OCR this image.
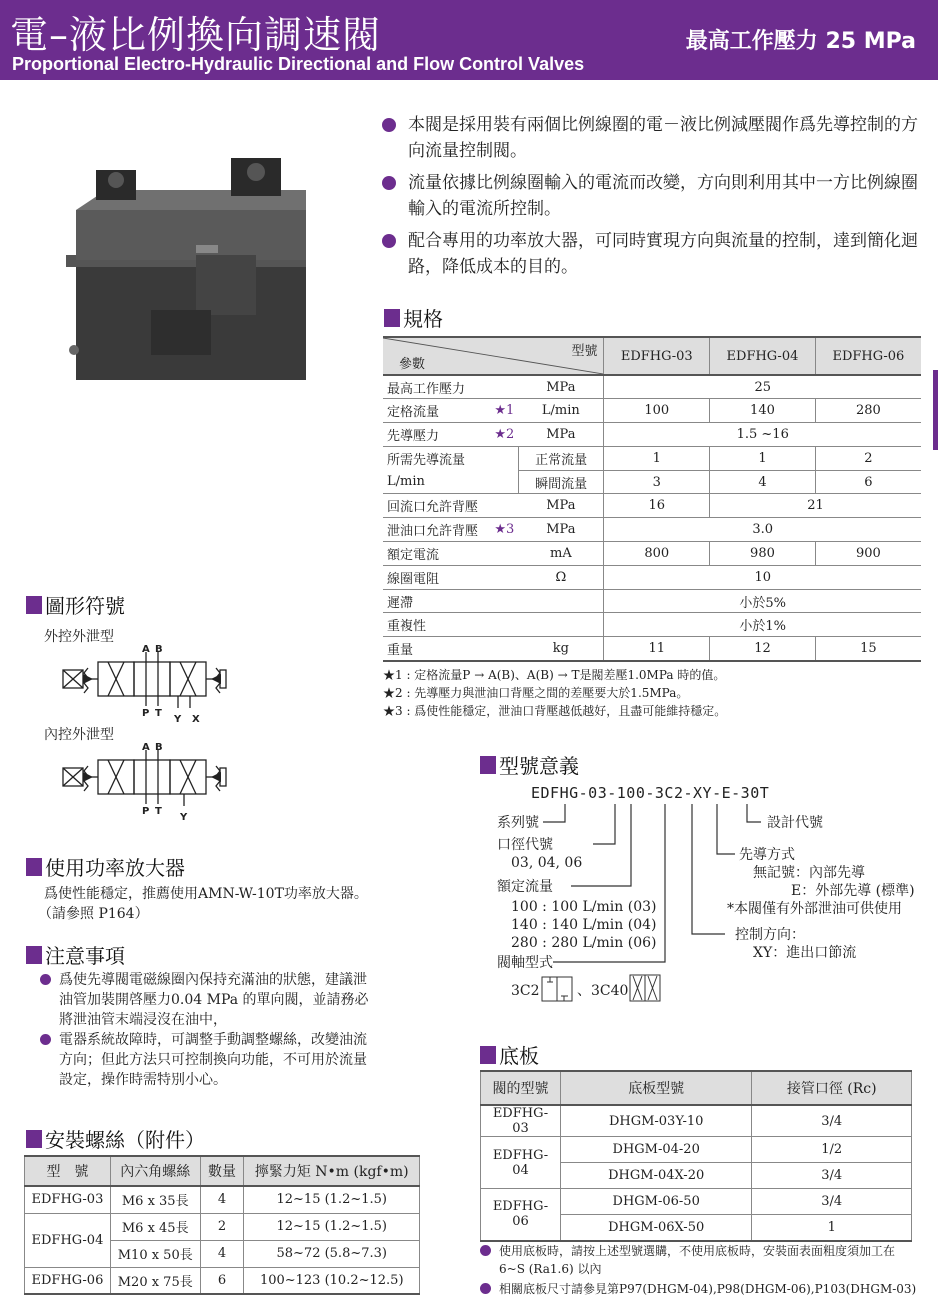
電–液比例換向調速閥
Proportional Electro-Hydraulic Directional and Flow Control Valves
最高工作壓力 25 MPa
本閥是採用裝有兩個比例線圈的電－液比例減壓閥作爲先導控制的方向流量控制閥。
流量依據比例線圈輸入的電流而改變，方向則利用其中一方比例線圈輸入的電流所控制。
配合專用的功率放大器，可同時實現方向與流量的控制，達到簡化迴路，降低成本的目的。
規格
型號
參數			EDFHG-03	EDFHG-04	EDFHG-06
最高工作壓力		MPa	25		
定格流量	★1	L/min	100	140	280
先導壓力	★2	MPa	1.5 ~16		
所需先導流量		正常流量	1	1	2
L/min		瞬間流量	3	4	6
回流口允許背壓		MPa	16	21	
泄油口允許背壓	★3	MPa	3.0		
額定電流		mA	800	980	900
線圈電阻		Ω	10		
遲滯			小於5%		
重複性			小於1%		
重量		kg	11	12	15
★1 : 定格流量P → A(B)、A(B) → T是閥差壓1.0MPa 時的值。
★2 : 先導壓力與泄油口背壓之間的差壓要大於1.5MPa。
★3 : 爲使性能穩定，泄油口背壓越低越好，且盡可能維持穩定。
圖形符號
外控外泄型
內控外泄型
A B
P T
Y X
A B
P T
Y
使用功率放大器
爲使性能穩定，推薦使用AMN-W-10T功率放大器。
（請參照 P164）
注意事項
爲使先導閥電磁線圈內保持充滿油的狀態，建議泄油管加裝開啓壓力0.04 MPa 的單向閥，並請務必將泄油管末端浸沒在油中，
電器系統故障時，可調整手動調整螺絲，改變油流方向；但此方法只可控制換向功能，不可用於流量設定，操作時需特別小心。
安裝螺絲（附件）
型　號	內六角螺絲	數量	擰緊力矩 N•m (kgf•m)
EDFHG-03	M6 x 35長	4	12~15 (1.2~1.5)
EDFHG-04	M6 x 45長	2	12~15 (1.2~1.5)
	M10 x 50長	4	58~72 (5.8~7.3)
EDFHG-06	M20 x 75長	6	100~123 (10.2~12.5)
型號意義
EDFHG-03-100-3C2-XY-E-30T
系列號
口徑代號
03, 04, 06
額定流量
100 : 100 L/min (03)
140 : 140 L/min (04)
280 : 280 L/min (06)
閥軸型式
3C2	、3C40
設計代號
先導方式
無記號：內部先導
E：外部先導 (標準)
*本閥僅有外部泄油可供使用
控制方向：
XY：進出口節流
底板
閥的型號	底板型號	接管口徑 (Rc)
EDFHG-03	DHGM-03Y-10	3/4
EDFHG-04	DHGM-04-20	1/2
	DHGM-04X-20	3/4
EDFHG-06	DHGM-06-50	3/4
	DHGM-06X-50	1
使用底板時，請按上述型號選購，不使用底板時，安裝面表面粗度須加工在6~S (Ra1.6) 以內
相關底板尺寸請參見第P97(DHGM-04),P98(DHGM-06),P103(DHGM-03)
